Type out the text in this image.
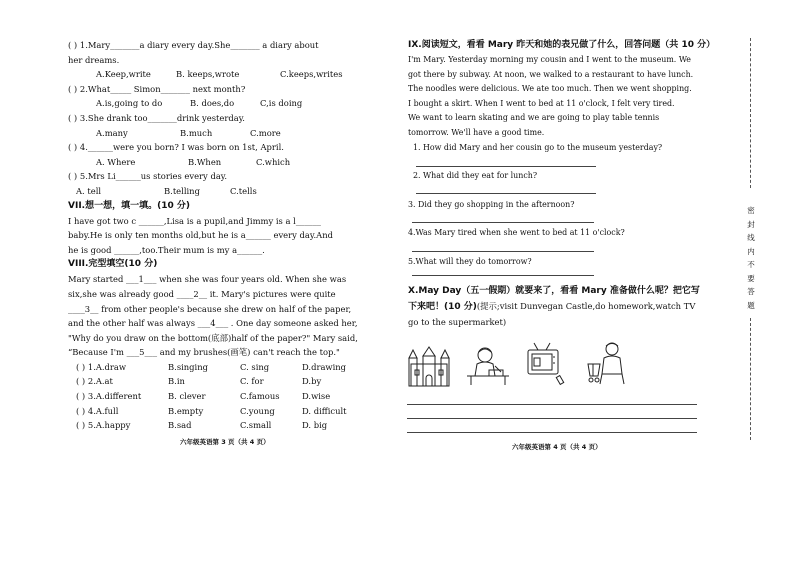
( ) 1.Mary_______a diary every day.She_______ a diary about
her dreams.
A.Keep,write	B. keeps,wrote	C.keeps,writes
( ) 2.What_____ Simon_______ next month?
A.is,going to do	B. does,do	C,is doing
( ) 3.She drank too_______drink yesterday.
A.many	B.much	C.more
( ) 4.______were you born? I was born on 1st, April.
A. Where	B.When	C.which
( ) 5.Mrs Li______us stories every day.
A. tell	B.telling	C.tells
VII.想一想，填一填。(10 分)
I have got two c ______,Lisa is a pupil,and Jimmy is a l______
baby.He is only ten months old,but he is a______ every day.And
he is good ______,too.Their mum is my a______.
VIII.完型填空(10 分)
Mary started ___1___ when she was four years old. When she was
six,she was already good ____2__ it. Mary's pictures were quite
____3__ from other people's because she drew on half of the paper,
and the other half was always ___4___ . One day someone asked her,
"Why do you draw on the bottom(底部)half of the paper?" Mary said,
“Because I'm ___5___ and my brushes(画笔) can't reach the top."
( ) 1.A.draw	B.singing	C. sing	D.drawing
( ) 2.A.at	B.in	C. for	D.by
( ) 3.A.different	B. clever	C.famous	D.wise
( ) 4.A.full	B.empty	C.young	D. difficult
( ) 5.A.happy	B.sad	C.small	D. big
六年级英语第 3 页（共 4 页）
IX.阅读短文，看看 Mary 昨天和她的表兄做了什么，回答问题（共 10 分）
I'm Mary. Yesterday morning my cousin and I went to the museum. We
got there by subway. At noon, we walked to a restaurant to have lunch.
The noodles were delicious. We ate too much. Then we went shopping.
I bought a skirt. When I went to bed at 11 o'clock, I felt very tired.
We want to learn skating and we are going to play table tennis
tomorrow. We'll have a good time.
1. How did Mary and her cousin go to the museum yesterday?
2. What did they eat for lunch?
3. Did they go shopping in the afternoon?
4.Was Mary tired when she went to bed at 11 o'clock?
5.What will they do tomorrow?
X.May Day（五一假期）就要来了，看看 Mary 准备做什么呢？把它写
下来吧！(10 分)(提示;visit Dunvegan Castle,do homework,watch TV
go to the supermarket)
六年级英语第 4 页（共 4 页）
密
封
线
内
不
要
答
题
